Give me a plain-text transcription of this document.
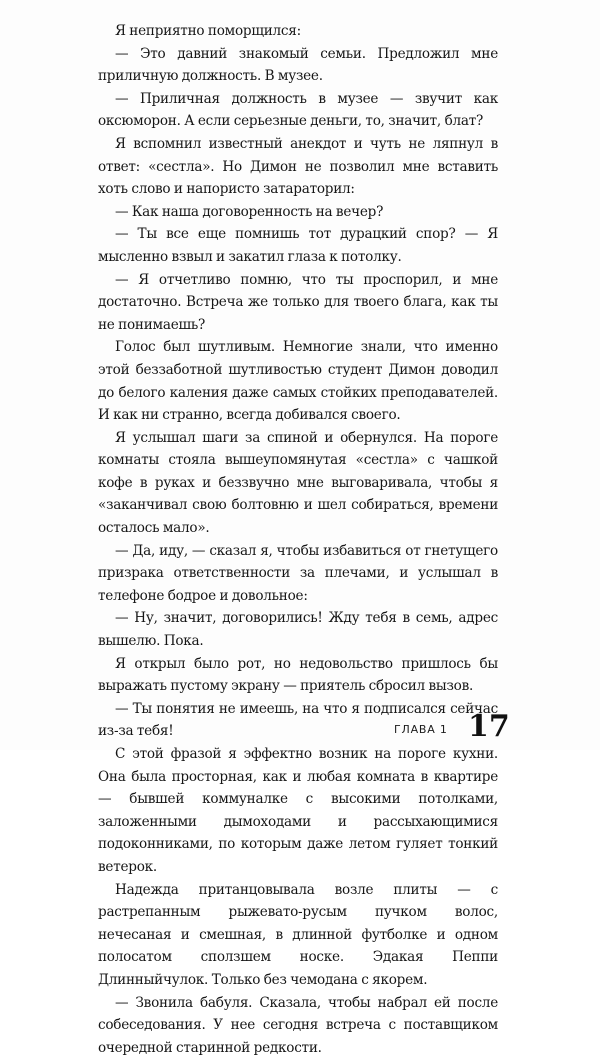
Я неприятно поморщился:

— Это давний знакомый семьи. Предложил мне приличную должность. В музее.

— Приличная должность в музее — звучит как оксюморон. А если серьезные деньги, то, значит, блат?

Я вспомнил известный анекдот и чуть не ляпнул в ответ: «сестла». Но Димон не позволил мне вставить хоть слово и напористо затараторил:

— Как наша договоренность на вечер?

— Ты все еще помнишь тот дурацкий спор? — Я мысленно взвыл и закатил глаза к потолку.

— Я отчетливо помню, что ты проспорил, и мне достаточно. Встреча же только для твоего блага, как ты не понимаешь?

Голос был шутливым. Немногие знали, что именно этой беззаботной шутливостью студент Димон доводил до белого каления даже самых стойких преподавателей. И как ни странно, всегда добивался своего.

Я услышал шаги за спиной и обернулся. На пороге комнаты стояла вышеупомянутая «сестла» с чашкой кофе в руках и беззвучно мне выговаривала, чтобы я «заканчивал свою болтовню и шел собираться, времени осталось мало».

— Да, иду, — сказал я, чтобы избавиться от гнетущего призрака ответственности за плечами, и услышал в телефоне бодрое и довольное:

— Ну, значит, договорились! Жду тебя в семь, адрес вышелю. Пока.

Я открыл было рот, но недовольство пришлось бы выражать пустому экрану — приятель сбросил вызов.

— Ты понятия не имеешь, на что я подписался сейчас из-за тебя!

С этой фразой я эффектно возник на пороге кухни. Она была просторная, как и любая комната в квартире — бывшей коммуналке с высокими потолками, заложенными дымоходами и рассыхающимися подоконниками, по которым даже летом гуляет тонкий ветерок.

Надежда пританцовывала возле плиты — с растрепанным рыжевато-русым пучком волос, нечесаная и смешная, в длинной футболке и одном полосатом сползшем носке. Эдакая Пеппи Длинныйчулок. Только без чемодана с якорем.

— Звонила бабуля. Сказала, чтобы набрал ей после собеседования. У нее сегодня встреча с поставщиком очередной старинной редкости.

ГЛАВА 1 17
